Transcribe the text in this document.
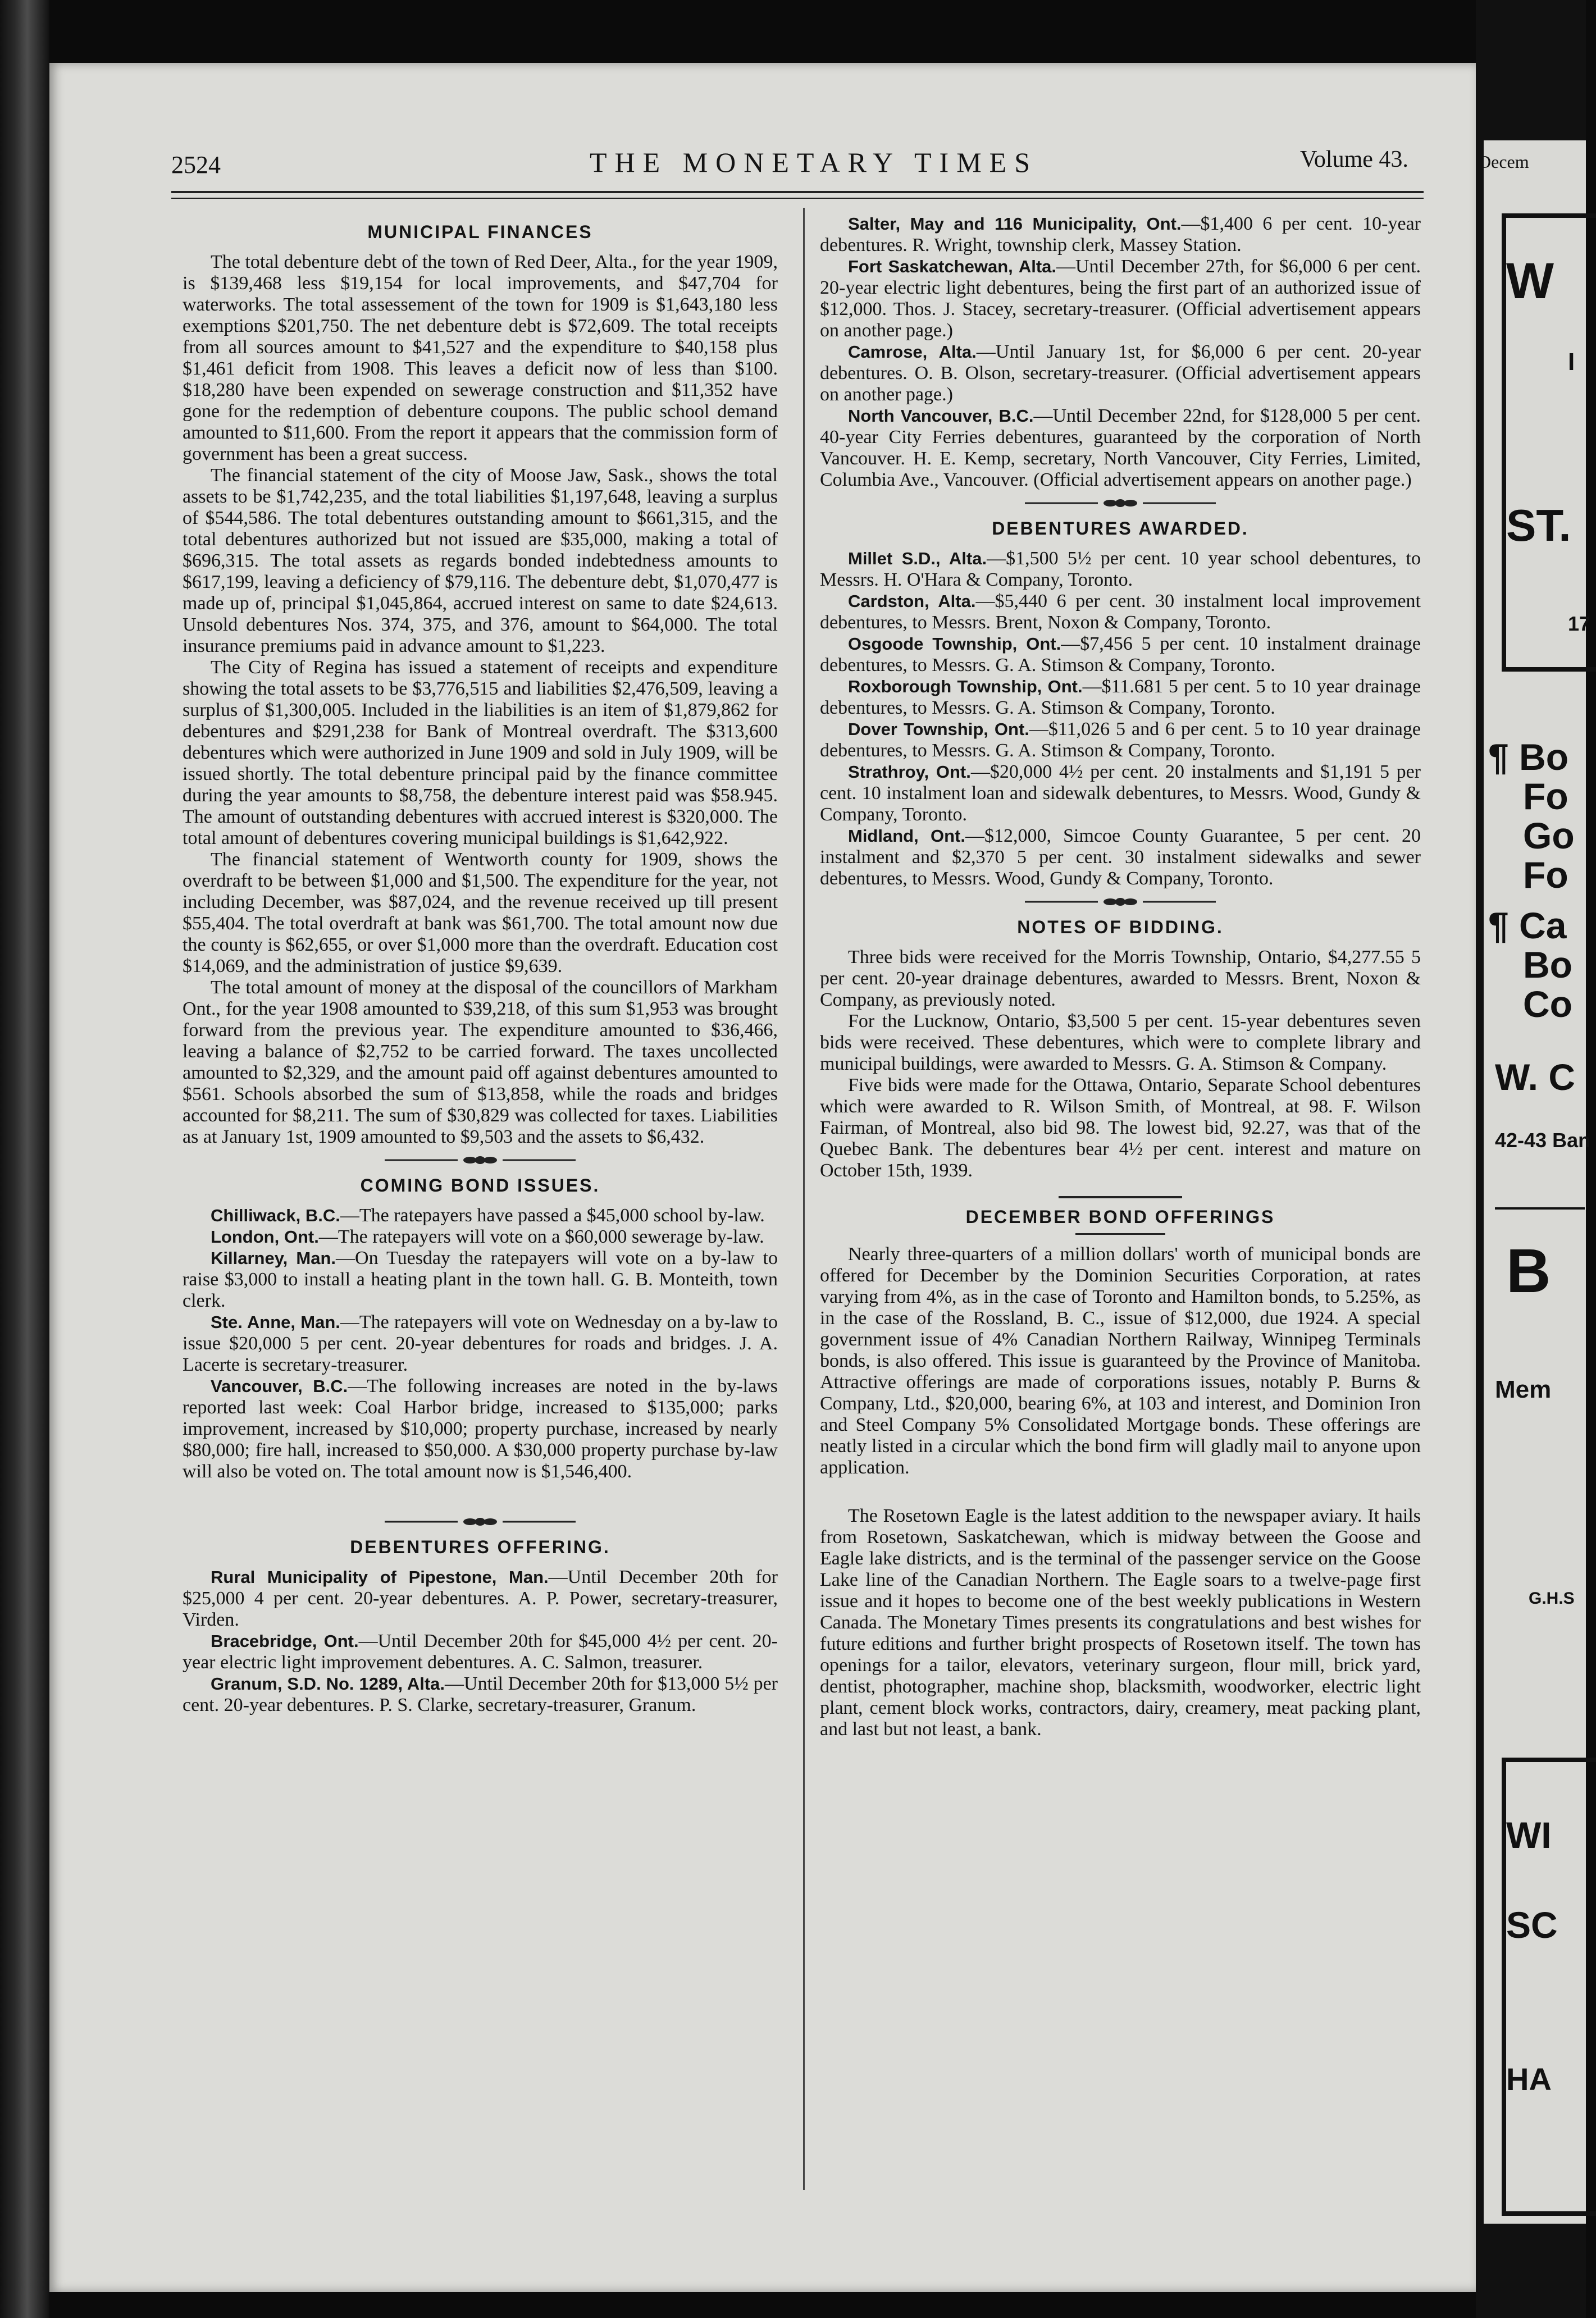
Decem
W
I
ST.
17
¶ Bo
Fo
Go
Fo
¶ Ca
Bo
Co
W. C
42-43 Ban
B
Mem
G.H.S
WI
SC
HA
2524	THE MONETARY TIMES	Volume 43.
MUNICIPAL FINANCES

The total debenture debt of the town of Red Deer, Alta., for the year 1909, is $139,468 less $19,154 for local improvements, and $47,704 for waterworks. The total assessement of the town for 1909 is $1,643,180 less exemptions $201,750. The net debenture debt is $72,609. The total receipts from all sources amount to $41,527 and the expenditure to $40,158 plus $1,461 deficit from 1908. This leaves a deficit now of less than $100. $18,280 have been expended on sewerage construction and $11,352 have gone for the redemption of debenture coupons. The public school demand amounted to $11,600. From the report it appears that the commission form of government has been a great success.

The financial statement of the city of Moose Jaw, Sask., shows the total assets to be $1,742,235, and the total liabilities $1,197,648, leaving a surplus of $544,586. The total debentures outstanding amount to $661,315, and the total debentures authorized but not issued are $35,000, making a total of $696,315. The total assets as regards bonded indebtedness amounts to $617,199, leaving a deficiency of $79,116. The debenture debt, $1,070,477 is made up of, principal $1,045,864, accrued interest on same to date $24,613. Unsold debentures Nos. 374, 375, and 376, amount to $64,000. The total insurance premiums paid in advance amount to $1,223.

The City of Regina has issued a statement of receipts and expenditure showing the total assets to be $3,776,515 and liabilities $2,476,509, leaving a surplus of $1,300,005. Included in the liabilities is an item of $1,879,862 for debentures and $291,238 for Bank of Montreal overdraft. The $313,600 debentures which were authorized in June 1909 and sold in July 1909, will be issued shortly. The total debenture principal paid by the finance committee during the year amounts to $8,758, the debenture interest paid was $58.945. The amount of outstanding debentures with accrued interest is $320,000. The total amount of debentures covering municipal buildings is $1,642,922.

The financial statement of Wentworth county for 1909, shows the overdraft to be between $1,000 and $1,500. The expenditure for the year, not including December, was $87,024, and the revenue received up till present $55,404. The total overdraft at bank was $61,700. The total amount now due the county is $62,655, or over $1,000 more than the overdraft. Education cost $14,069, and the administration of justice $9,639.

The total amount of money at the disposal of the councillors of Markham Ont., for the year 1908 amounted to $39,218, of this sum $1,953 was brought forward from the previous year. The expenditure amounted to $36,466, leaving a balance of $2,752 to be carried forward. The taxes uncollected amounted to $2,329, and the amount paid off against debentures amounted to $561. Schools absorbed the sum of $13,858, while the roads and bridges accounted for $8,211. The sum of $30,829 was collected for taxes. Liabilities as at January 1st, 1909 amounted to $9,503 and the assets to $6,432.

COMING BOND ISSUES.

Chilliwack, B.C.—The ratepayers have passed a $45,000 school by-law.

London, Ont.—The ratepayers will vote on a $60,000 sewerage by-law.

Killarney, Man.—On Tuesday the ratepayers will vote on a by-law to raise $3,000 to install a heating plant in the town hall. G. B. Monteith, town clerk.

Ste. Anne, Man.—The ratepayers will vote on Wednesday on a by-law to issue $20,000 5 per cent. 20-year debentures for roads and bridges. J. A. Lacerte is secretary-treasurer.

Vancouver, B.C.—The following increases are noted in the by-laws reported last week: Coal Harbor bridge, increased to $135,000; parks improvement, increased by $10,000; property purchase, increased by nearly $80,000; fire hall, increased to $50,000. A $30,000 property purchase by-law will also be voted on. The total amount now is $1,546,400.

DEBENTURES OFFERING.

Rural Municipality of Pipestone, Man.—Until December 20th for $25,000 4 per cent. 20-year debentures. A. P. Power, secretary-treasurer, Virden.

Bracebridge, Ont.—Until December 20th for $45,000 4½ per cent. 20-year electric light improvement debentures. A. C. Salmon, treasurer.

Granum, S.D. No. 1289, Alta.—Until December 20th for $13,000 5½ per cent. 20-year debentures. P. S. Clarke, secretary-treasurer, Granum.

Salter, May and 116 Municipality, Ont.—$1,400 6 per cent. 10-year debentures. R. Wright, township clerk, Massey Station.

Fort Saskatchewan, Alta.—Until December 27th, for $6,000 6 per cent. 20-year electric light debentures, being the first part of an authorized issue of $12,000. Thos. J. Stacey, secretary-treasurer. (Official advertisement appears on another page.)

Camrose, Alta.—Until January 1st, for $6,000 6 per cent. 20-year debentures. O. B. Olson, secretary-treasurer. (Official advertisement appears on another page.)

North Vancouver, B.C.—Until December 22nd, for $128,000 5 per cent. 40-year City Ferries debentures, guaranteed by the corporation of North Vancouver. H. E. Kemp, secretary, North Vancouver, City Ferries, Limited, Columbia Ave., Vancouver. (Official advertisement appears on another page.)

DEBENTURES AWARDED.

Millet S.D., Alta.—$1,500 5½ per cent. 10 year school debentures, to Messrs. H. O'Hara & Company, Toronto.

Cardston, Alta.—$5,440 6 per cent. 30 instalment local improvement debentures, to Messrs. Brent, Noxon & Company, Toronto.

Osgoode Township, Ont.—$7,456 5 per cent. 10 instalment drainage debentures, to Messrs. G. A. Stimson & Company, Toronto.

Roxborough Township, Ont.—$11.681 5 per cent. 5 to 10 year drainage debentures, to Messrs. G. A. Stimson & Company, Toronto.

Dover Township, Ont.—$11,026 5 and 6 per cent. 5 to 10 year drainage debentures, to Messrs. G. A. Stimson & Company, Toronto.

Strathroy, Ont.—$20,000 4½ per cent. 20 instalments and $1,191 5 per cent. 10 instalment loan and sidewalk debentures, to Messrs. Wood, Gundy & Company, Toronto.

Midland, Ont.—$12,000, Simcoe County Guarantee, 5 per cent. 20 instalment and $2,370 5 per cent. 30 instalment sidewalks and sewer debentures, to Messrs. Wood, Gundy & Company, Toronto.

NOTES OF BIDDING.

Three bids were received for the Morris Township, Ontario, $4,277.55 5 per cent. 20-year drainage debentures, awarded to Messrs. Brent, Noxon & Company, as previously noted.

For the Lucknow, Ontario, $3,500 5 per cent. 15-year debentures seven bids were received. These debentures, which were to complete library and municipal buildings, were awarded to Messrs. G. A. Stimson & Company.

Five bids were made for the Ottawa, Ontario, Separate School debentures which were awarded to R. Wilson Smith, of Montreal, at 98. F. Wilson Fairman, of Montreal, also bid 98. The lowest bid, 92.27, was that of the Quebec Bank. The debentures bear 4½ per cent. interest and mature on October 15th, 1939.

DECEMBER BOND OFFERINGS

Nearly three-quarters of a million dollars' worth of municipal bonds are offered for December by the Dominion Securities Corporation, at rates varying from 4%, as in the case of Toronto and Hamilton bonds, to 5.25%, as in the case of the Rossland, B. C., issue of $12,000, due 1924. A special government issue of 4% Canadian Northern Railway, Winnipeg Terminals bonds, is also offered. This issue is guaranteed by the Province of Manitoba. Attractive offerings are made of corporations issues, notably P. Burns & Company, Ltd., $20,000, bearing 6%, at 103 and interest, and Dominion Iron and Steel Company 5% Consolidated Mortgage bonds. These offerings are neatly listed in a circular which the bond firm will gladly mail to anyone upon application.

The Rosetown Eagle is the latest addition to the newspaper aviary. It hails from Rosetown, Saskatchewan, which is midway between the Goose and Eagle lake districts, and is the terminal of the passenger service on the Goose Lake line of the Canadian Northern. The Eagle soars to a twelve-page first issue and it hopes to become one of the best weekly publications in Western Canada. The Monetary Times presents its congratulations and best wishes for future editions and further bright prospects of Rosetown itself. The town has openings for a tailor, elevators, veterinary surgeon, flour mill, brick yard, dentist, photographer, machine shop, blacksmith, woodworker, electric light plant, cement block works, contractors, dairy, creamery, meat packing plant, and last but not least, a bank.
